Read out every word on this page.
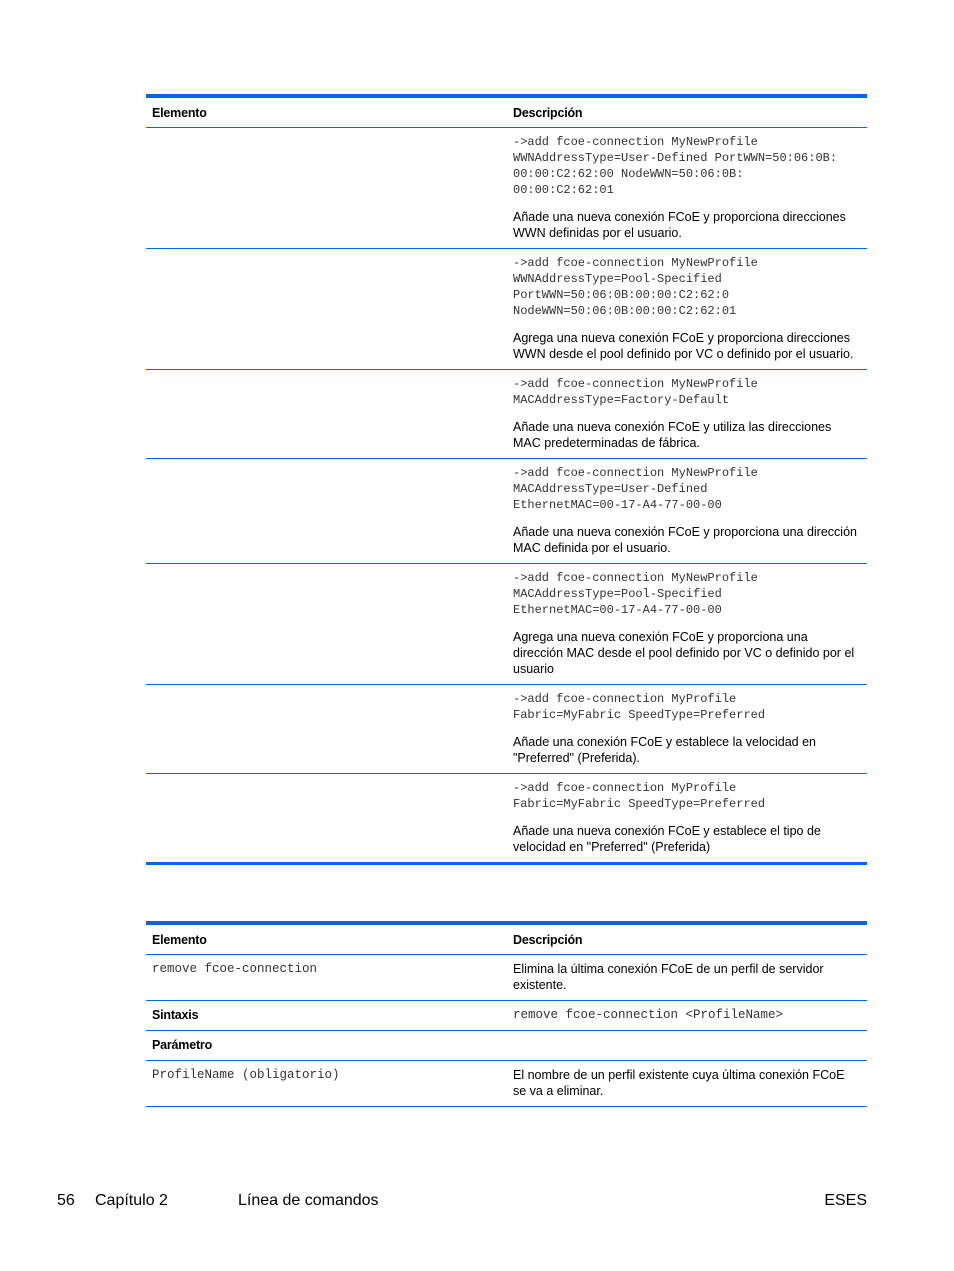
Elemento	Descripción

	->add fcoe-connection MyNewProfile
WWNAddressType=User-Defined PortWWN=50:06:0B:
00:00:C2:62:00 NodeWWN=50:06:0B:
00:00:C2:62:01
Añade una nueva conexión FCoE y proporciona direcciones WWN definidas por el usuario.

	->add fcoe-connection MyNewProfile
WWNAddressType=Pool-Specified
PortWWN=50:06:0B:00:00:C2:62:0
NodeWWN=50:06:0B:00:00:C2:62:01
Agrega una nueva conexión FCoE y proporciona direcciones WWN desde el pool definido por VC o definido por el usuario.

	->add fcoe-connection MyNewProfile
MACAddressType=Factory-Default
Añade una nueva conexión FCoE y utiliza las direcciones MAC predeterminadas de fábrica.

	->add fcoe-connection MyNewProfile
MACAddressType=User-Defined
EthernetMAC=00-17-A4-77-00-00
Añade una nueva conexión FCoE y proporciona una dirección MAC definida por el usuario.

	->add fcoe-connection MyNewProfile
MACAddressType=Pool-Specified
EthernetMAC=00-17-A4-77-00-00
Agrega una nueva conexión FCoE y proporciona una dirección MAC desde el pool definido por VC o definido por el usuario

	->add fcoe-connection MyProfile
Fabric=MyFabric SpeedType=Preferred
Añade una conexión FCoE y establece la velocidad en "Preferred" (Preferida).

	->add fcoe-connection MyProfile
Fabric=MyFabric SpeedType=Preferred
Añade una nueva conexión FCoE y establece el tipo de velocidad en "Preferred" (Preferida)
Elemento	Descripción
remove fcoe-connection	Elimina la última conexión FCoE de un perfil de servidor existente.
Sintaxis	remove fcoe-connection <ProfileName>
Parámetro	
ProfileName (obligatorio)	El nombre de un perfil existente cuya última conexión FCoE se va a eliminar.
56 Capítulo 2	Línea de comandos	ESES
